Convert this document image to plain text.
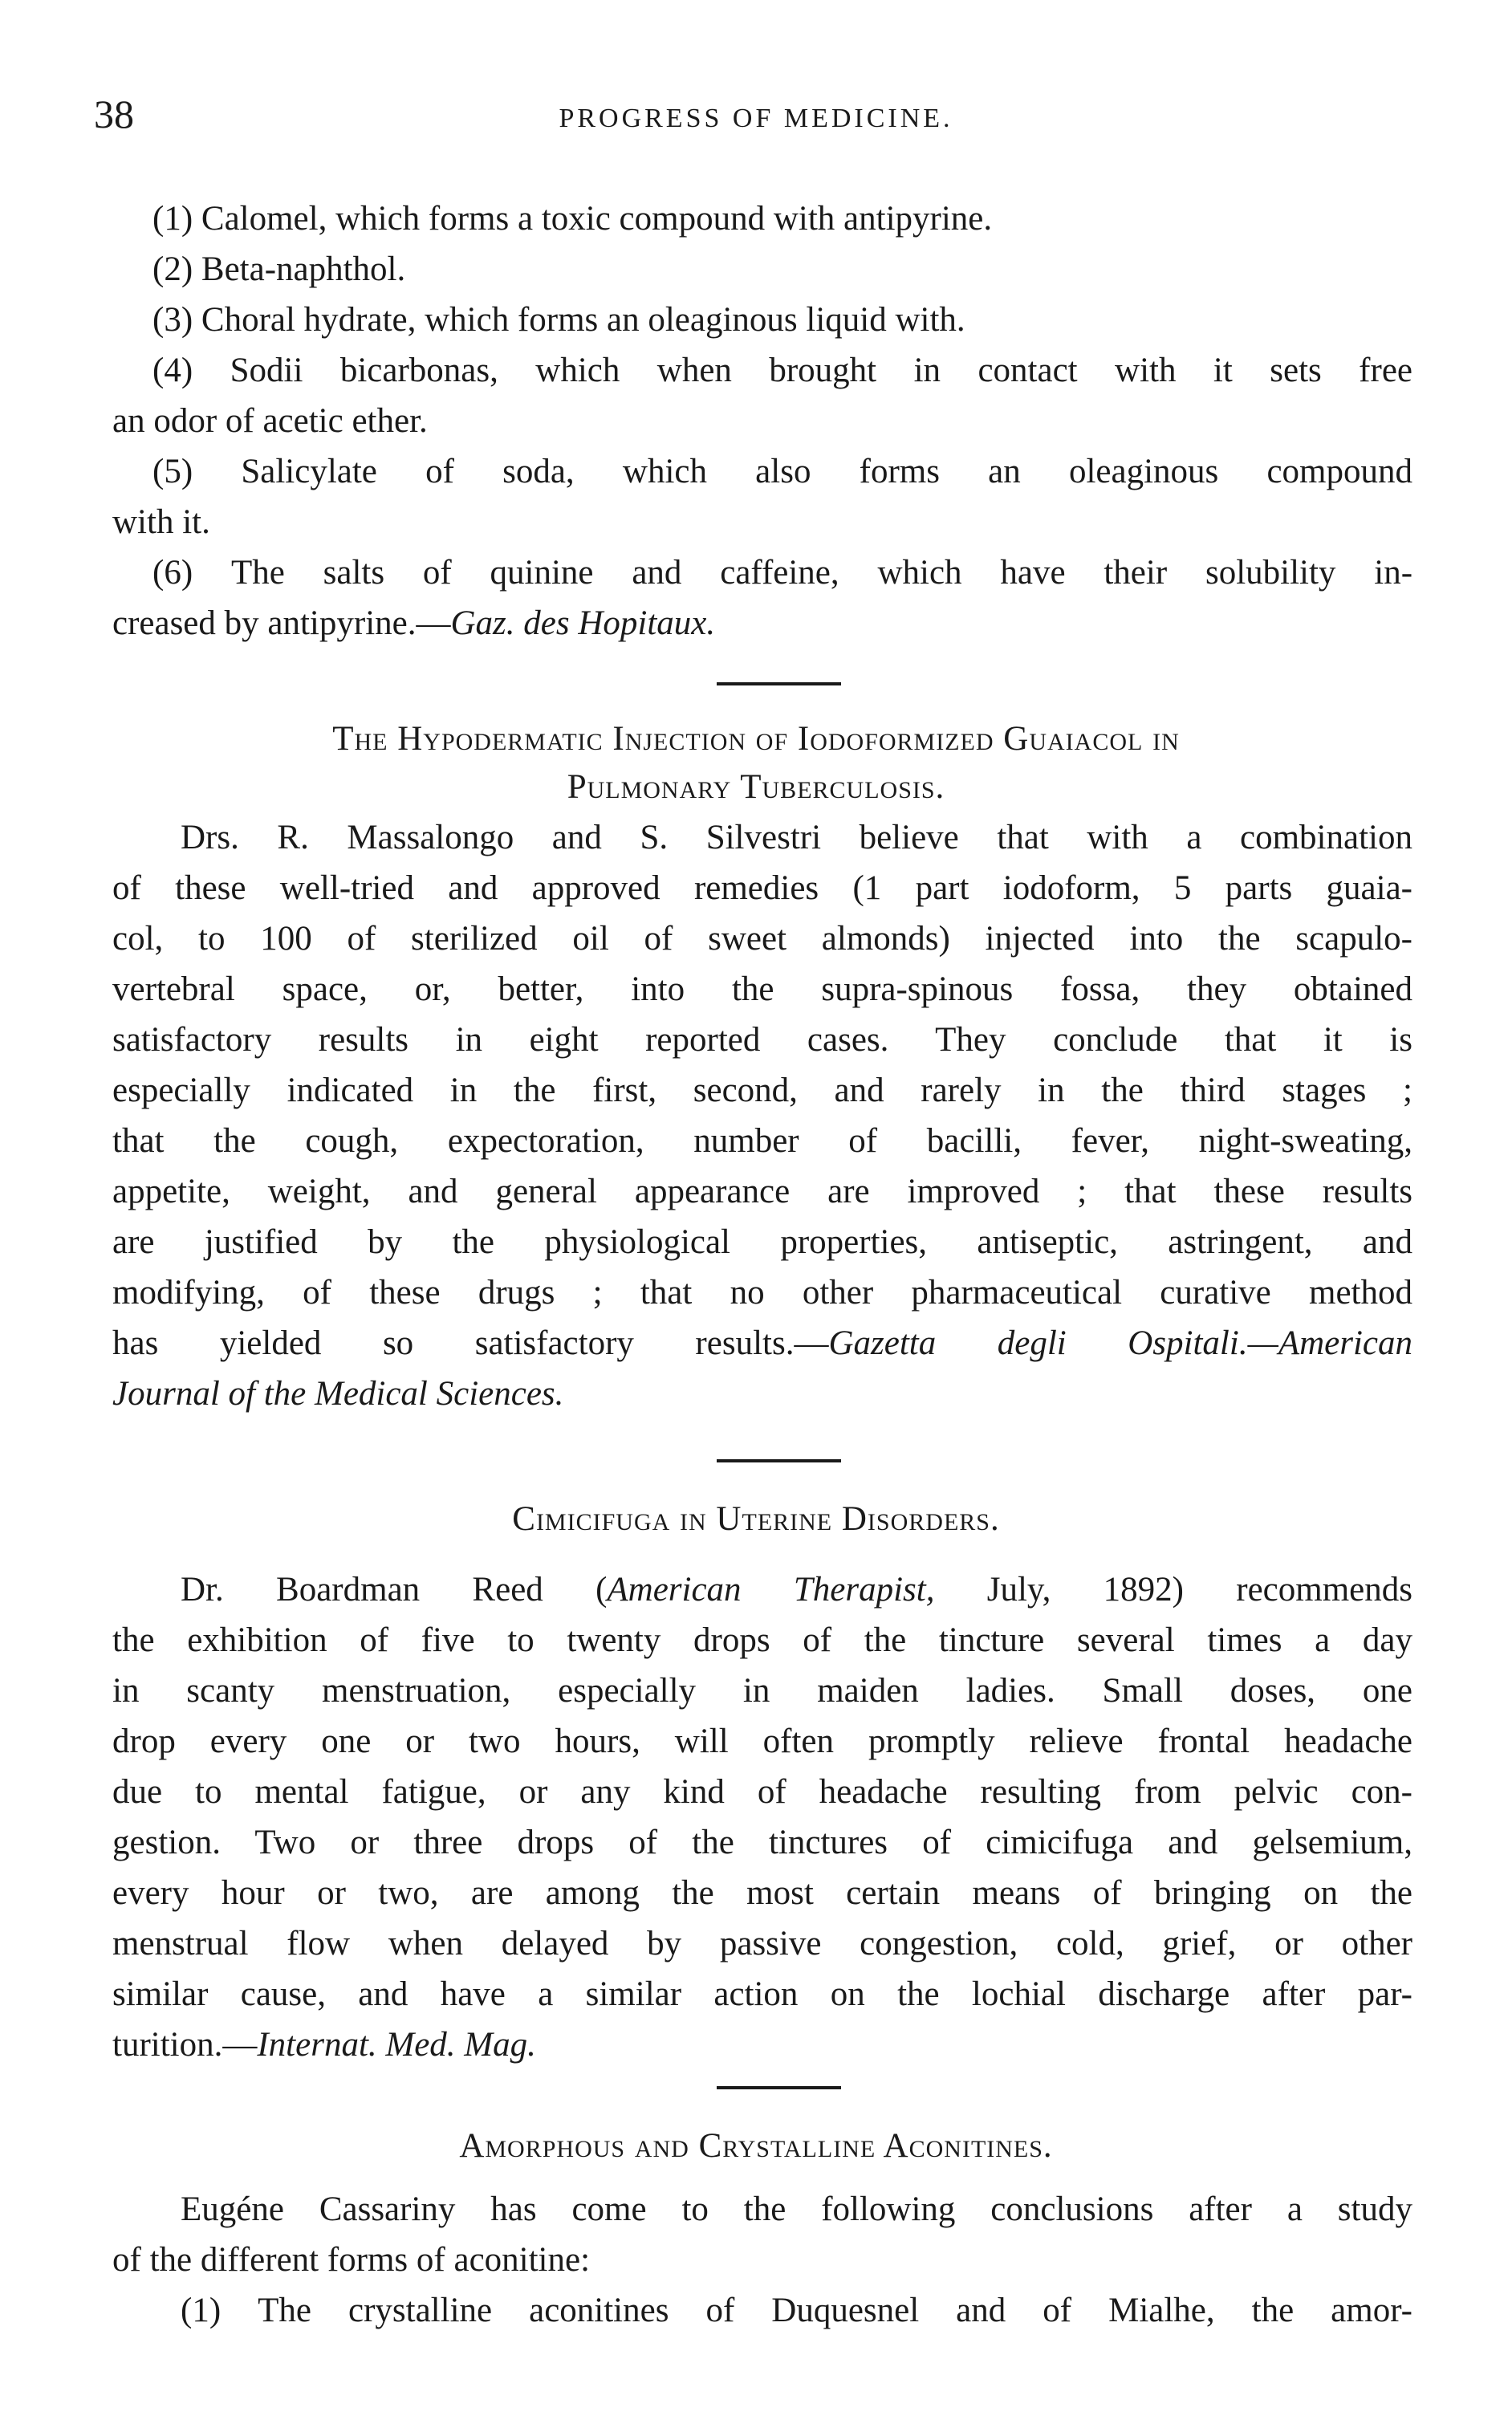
38	PROGRESS OF MEDICINE.
(1) Calomel, which forms a toxic compound with antipyrine.
(2) Beta-naphthol.
(3) Choral hydrate, which forms an oleaginous liquid with.
(4) Sodii bicarbonas, which when brought in contact with it sets free
an odor of acetic ether.
(5) Salicylate of soda, which also forms an oleaginous compound
with it.
(6) The salts of quinine and caffeine, which have their solubility in-
creased by antipyrine.—Gaz. des Hopitaux.
The Hypodermatic Injection of Iodoformized Guaiacol in
Pulmonary Tuberculosis.
Drs. R. Massalongo and S. Silvestri believe that with a combination
of these well-tried and approved remedies (1 part iodoform, 5 parts guaia-
col, to 100 of sterilized oil of sweet almonds) injected into the scapulo-
vertebral space, or, better, into the supra-spinous fossa, they obtained
satisfactory results in eight reported cases. They conclude that it is
especially indicated in the first, second, and rarely in the third stages ;
that the cough, expectoration, number of bacilli, fever, night-sweating,
appetite, weight, and general appearance are improved ; that these results
are justified by the physiological properties, antiseptic, astringent, and
modifying, of these drugs ; that no other pharmaceutical curative method
has yielded so satisfactory results.—Gazetta degli Ospitali.—American
Journal of the Medical Sciences.
Cimicifuga in Uterine Disorders.
Dr. Boardman Reed (American Therapist, July, 1892) recommends
the exhibition of five to twenty drops of the tincture several times a day
in scanty menstruation, especially in maiden ladies. Small doses, one
drop every one or two hours, will often promptly relieve frontal headache
due to mental fatigue, or any kind of headache resulting from pelvic con-
gestion. Two or three drops of the tinctures of cimicifuga and gelsemium,
every hour or two, are among the most certain means of bringing on the
menstrual flow when delayed by passive congestion, cold, grief, or other
similar cause, and have a similar action on the lochial discharge after par-
turition.—Internat. Med. Mag.
Amorphous and Crystalline Aconitines.
Eugéne Cassariny has come to the following conclusions after a study
of the different forms of aconitine:
(1) The crystalline aconitines of Duquesnel and of Mialhe, the amor-
